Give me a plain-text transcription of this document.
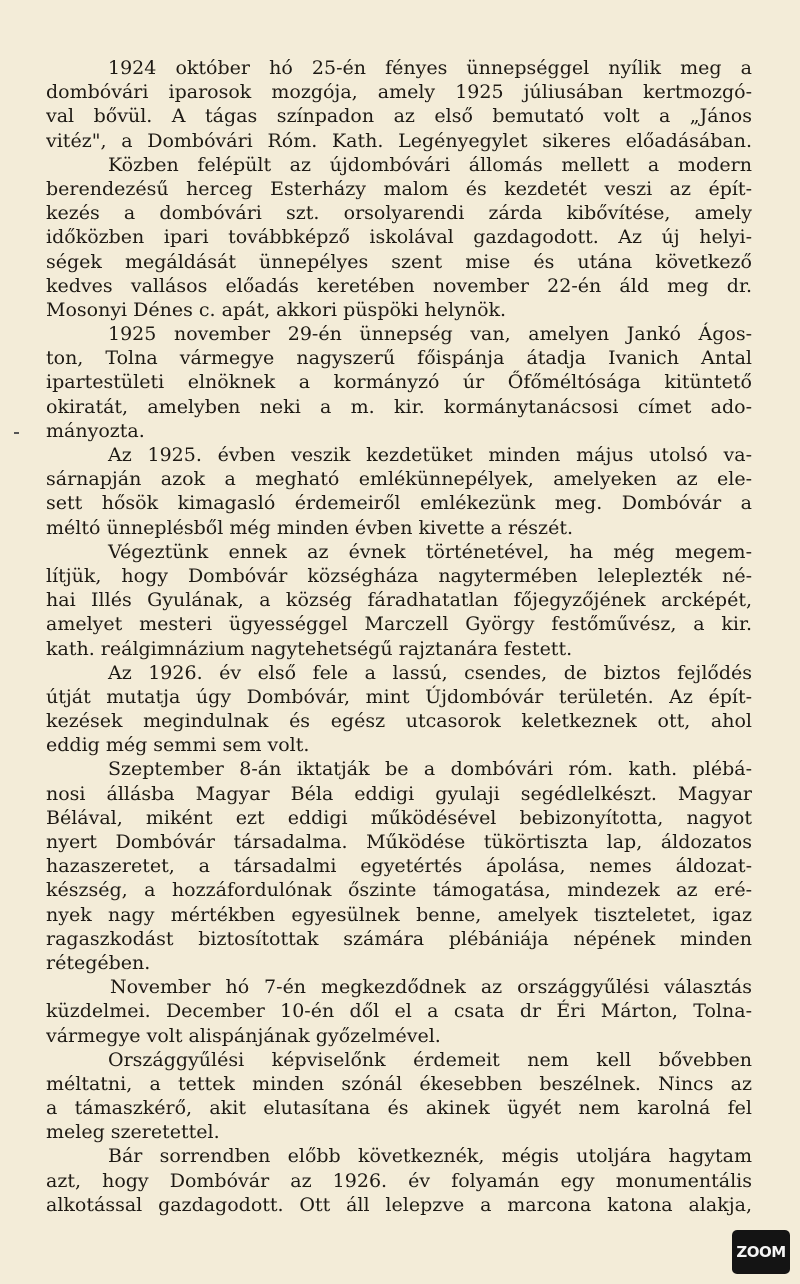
1924 október hó 25-én fényes ünnepséggel nyílik meg a
dombóvári iparosok mozgója, amely 1925 júliusában kertmozgó-
val bővül. A tágas színpadon az első bemutató volt a „János
vitéz", a Dombóvári Róm. Kath. Legényegylet sikeres előadásában.
Közben felépült az újdombóvári állomás mellett a modern
berendezésű herceg Esterházy malom és kezdetét veszi az épít-
kezés a dombóvári szt. orsolyarendi zárda kibővítése, amely
időközben ipari továbbképző iskolával gazdagodott. Az új helyi-
ségek megáldását ünnepélyes szent mise és utána következő
kedves vallásos előadás keretében november 22-én áld meg dr.
Mosonyi Dénes c. apát, akkori püspöki helynök.
1925 november 29-én ünnepség van, amelyen Jankó Ágos-
ton, Tolna vármegye nagyszerű főispánja átadja Ivanich Antal
ipartestületi elnöknek a kormányzó úr Őfőméltósága kitüntető
okiratát, amelyben neki a m. kir. kormánytanácsosi címet ado-
mányozta.
Az 1925. évben veszik kezdetüket minden május utolsó va-
sárnapján azok a megható emlékünnepélyek, amelyeken az ele-
sett hősök kimagasló érdemeiről emlékezünk meg. Dombóvár a
méltó ünneplésből még minden évben kivette a részét.
Végeztünk ennek az évnek történetével, ha még megem-
lítjük, hogy Dombóvár községháza nagytermében leleplezték né-
hai Illés Gyulának, a község fáradhatatlan főjegyzőjének arcképét,
amelyet mesteri ügyességgel Marczell György festőművész, a kir.
kath. reálgimnázium nagytehetségű rajztanára festett.
Az 1926. év első fele a lassú, csendes, de biztos fejlődés
útját mutatja úgy Dombóvár, mint Újdombóvár területén. Az épít-
kezések megindulnak és egész utcasorok keletkeznek ott, ahol
eddig még semmi sem volt.
Szeptember 8-án iktatják be a dombóvári róm. kath. plébá-
nosi állásba Magyar Béla eddigi gyulaji segédlelkészt. Magyar
Bélával, miként ezt eddigi működésével bebizonyította, nagyot
nyert Dombóvár társadalma. Működése tükörtiszta lap, áldozatos
hazaszeretet, a társadalmi egyetértés ápolása, nemes áldozat-
készség, a hozzáfordulónak őszinte támogatása, mindezek az eré-
nyek nagy mértékben egyesülnek benne, amelyek tiszteletet, igaz
ragaszkodást biztosítottak számára plébániája népének minden
rétegében.
November hó 7-én megkezdődnek az országgyűlési választás
küzdelmei. December 10-én dől el a csata dr Éri Márton, Tolna-
vármegye volt alispánjának győzelmével.
Országgyűlési képviselőnk érdemeit nem kell bővebben
méltatni, a tettek minden szónál ékesebben beszélnek. Nincs az
a támaszkérő, akit elutasítana és akinek ügyét nem karolná fel
meleg szeretettel.
Bár sorrendben előbb következnék, mégis utoljára hagytam
azt, hogy Dombóvár az 1926. év folyamán egy monumentális
alkotással gazdagodott. Ott áll lelepzve a marcona katona alakja,
ZOOM
